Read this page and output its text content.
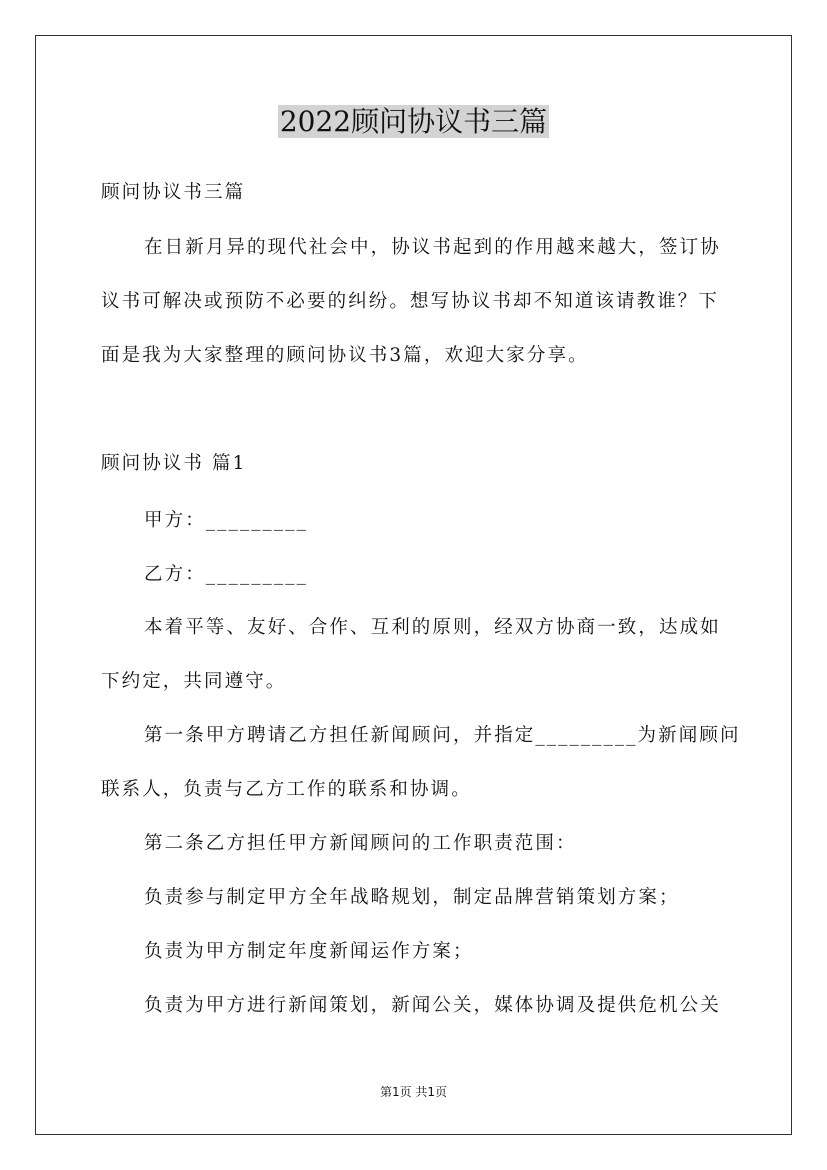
2022顾问协议书三篇
顾问协议书三篇
在日新月异的现代社会中，协议书起到的作用越来越大，签订协
议书可解决或预防不必要的纠纷。想写协议书却不知道该请教谁？下
面是我为大家整理的顾问协议书3篇，欢迎大家分享。
顾问协议书 篇1
甲方：_________
乙方：_________
本着平等、友好、合作、互利的原则，经双方协商一致，达成如
下约定，共同遵守。
第一条甲方聘请乙方担任新闻顾问，并指定_________为新闻顾问
联系人，负责与乙方工作的联系和协调。
第二条乙方担任甲方新闻顾问的工作职责范围：
负责参与制定甲方全年战略规划，制定品牌营销策划方案；
负责为甲方制定年度新闻运作方案；
负责为甲方进行新闻策划，新闻公关，媒体协调及提供危机公关
第1页 共1页
